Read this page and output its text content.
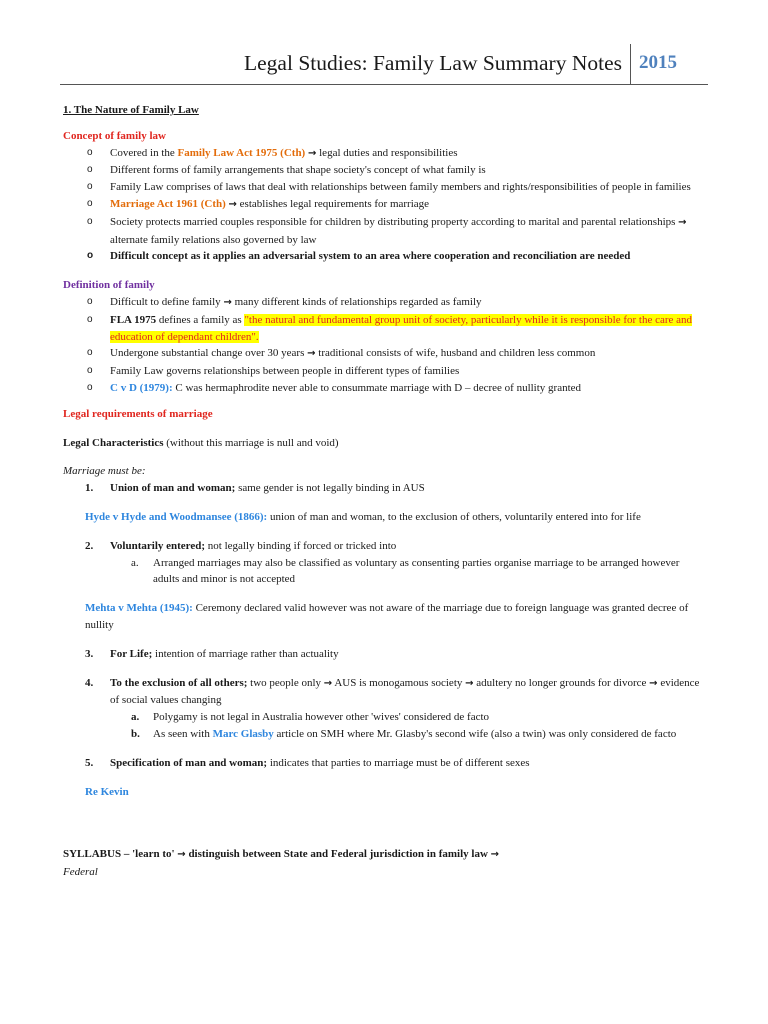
Legal Studies: Family Law Summary Notes 2015

1. The Nature of Family Law

Concept of family law

o Covered in the Family Law Act 1975 (Cth) → legal duties and responsibilities
o Different forms of family arrangements that shape society's concept of what family is
o Family Law comprises of laws that deal with relationships between family members and rights/responsibilities of people in families
o Marriage Act 1961 (Cth) → establishes legal requirements for marriage
o Society protects married couples responsible for children by distributing property according to marital and parental relationships → alternate family relations also governed by law
o Difficult concept as it applies an adversarial system to an area where cooperation and reconciliation are needed

Definition of family

o Difficult to define family → many different kinds of relationships regarded as family
o FLA 1975 defines a family as "the natural and fundamental group unit of society, particularly while it is responsible for the care and education of dependant children".
o Undergone substantial change over 30 years → traditional consists of wife, husband and children less common
o Family Law governs relationships between people in different types of families
o C v D (1979): C was hermaphrodite never able to consummate marriage with D – decree of nullity granted

Legal requirements of marriage

Legal Characteristics (without this marriage is null and void)

Marriage must be:

1. Union of man and woman; same gender is not legally binding in AUS

Hyde v Hyde and Woodmansee (1866): union of man and woman, to the exclusion of others, voluntarily entered into for life

2. Voluntarily entered; not legally binding if forced or tricked into

a. Arranged marriages may also be classified as voluntary as consenting parties organise marriage to be arranged however adults and minor is not accepted

Mehta v Mehta (1945): Ceremony declared valid however was not aware of the marriage due to foreign language was granted decree of nullity

3. For Life; intention of marriage rather than actuality

4. To the exclusion of all others; two people only → AUS is monogamous society → adultery no longer grounds for divorce → evidence of social values changing

a. Polygamy is not legal in Australia however other 'wives' considered de facto

b. As seen with Marc Glasby article on SMH where Mr. Glasby's second wife (also a twin) was only considered de facto

5. Specification of man and woman; indicates that parties to marriage must be of different sexes

Re Kevin

SYLLABUS – 'learn to' → distinguish between State and Federal jurisdiction in family law →

Federal
